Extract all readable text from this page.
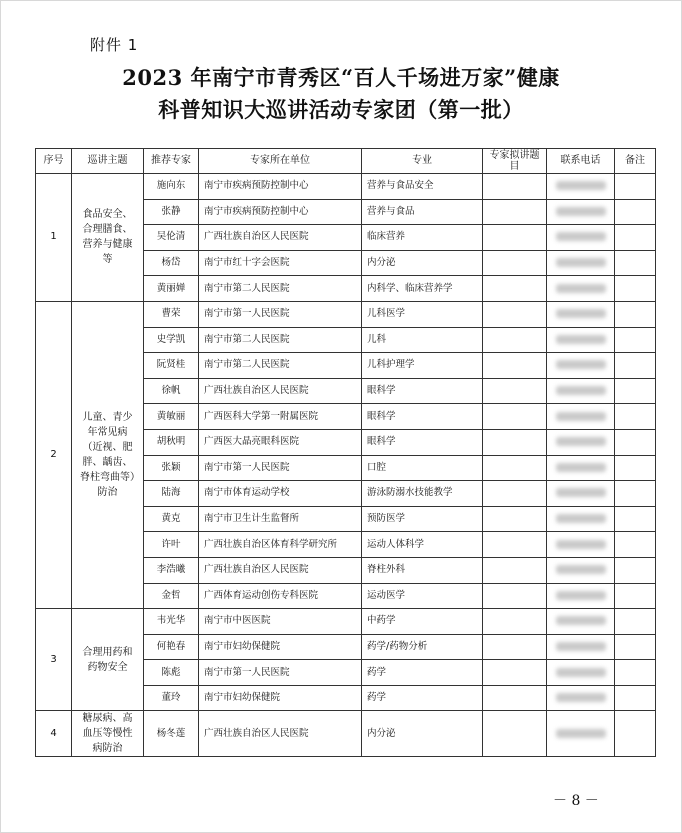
附件 1
2023 年南宁市青秀区“百人千场进万家”健康
科普知识大巡讲活动专家团（第一批）
序号	巡讲主题	推荐专家	专家所在单位	专业	专家拟讲题目	联系电话	备注
1	食品安全、合理膳食、营养与健康等	施向东	南宁市疾病预防控制中心	营养与食品安全			
		张静	南宁市疾病预防控制中心	营养与食品			
		吴伦清	广西壮族自治区人民医院	临床营养			
		杨岱	南宁市红十字会医院	内分泌			
		黄丽婵	南宁市第二人民医院	内科学、临床营养学			
2	儿童、青少年常见病（近视、肥胖、龋齿、脊柱弯曲等）防治	曹荣	南宁市第一人民医院	儿科医学			
		史学凯	南宁市第二人民医院	儿科			
		阮贤桂	南宁市第二人民医院	儿科护理学			
		徐帆	广西壮族自治区人民医院	眼科学			
		黄敏丽	广西医科大学第一附属医院	眼科学			
		胡秋明	广西医大晶亮眼科医院	眼科学			
		张颖	南宁市第一人民医院	口腔			
		陆海	南宁市体育运动学校	游泳防溺水技能教学			
		黄克	南宁市卫生计生监督所	预防医学			
		许叶	广西壮族自治区体育科学研究所	运动人体科学			
		李浩曦	广西壮族自治区人民医院	脊柱外科			
		金哲	广西体育运动创伤专科医院	运动医学			
3	合理用药和药物安全	韦光华	南宁市中医医院	中药学			
		何艳春	南宁市妇幼保健院	药学/药物分析			
		陈彪	南宁市第一人民医院	药学			
		董玲	南宁市妇幼保健院	药学			
4	糖尿病、高血压等慢性病防治	杨冬莲	广西壮族自治区人民医院	内分泌			
－ 8 －
